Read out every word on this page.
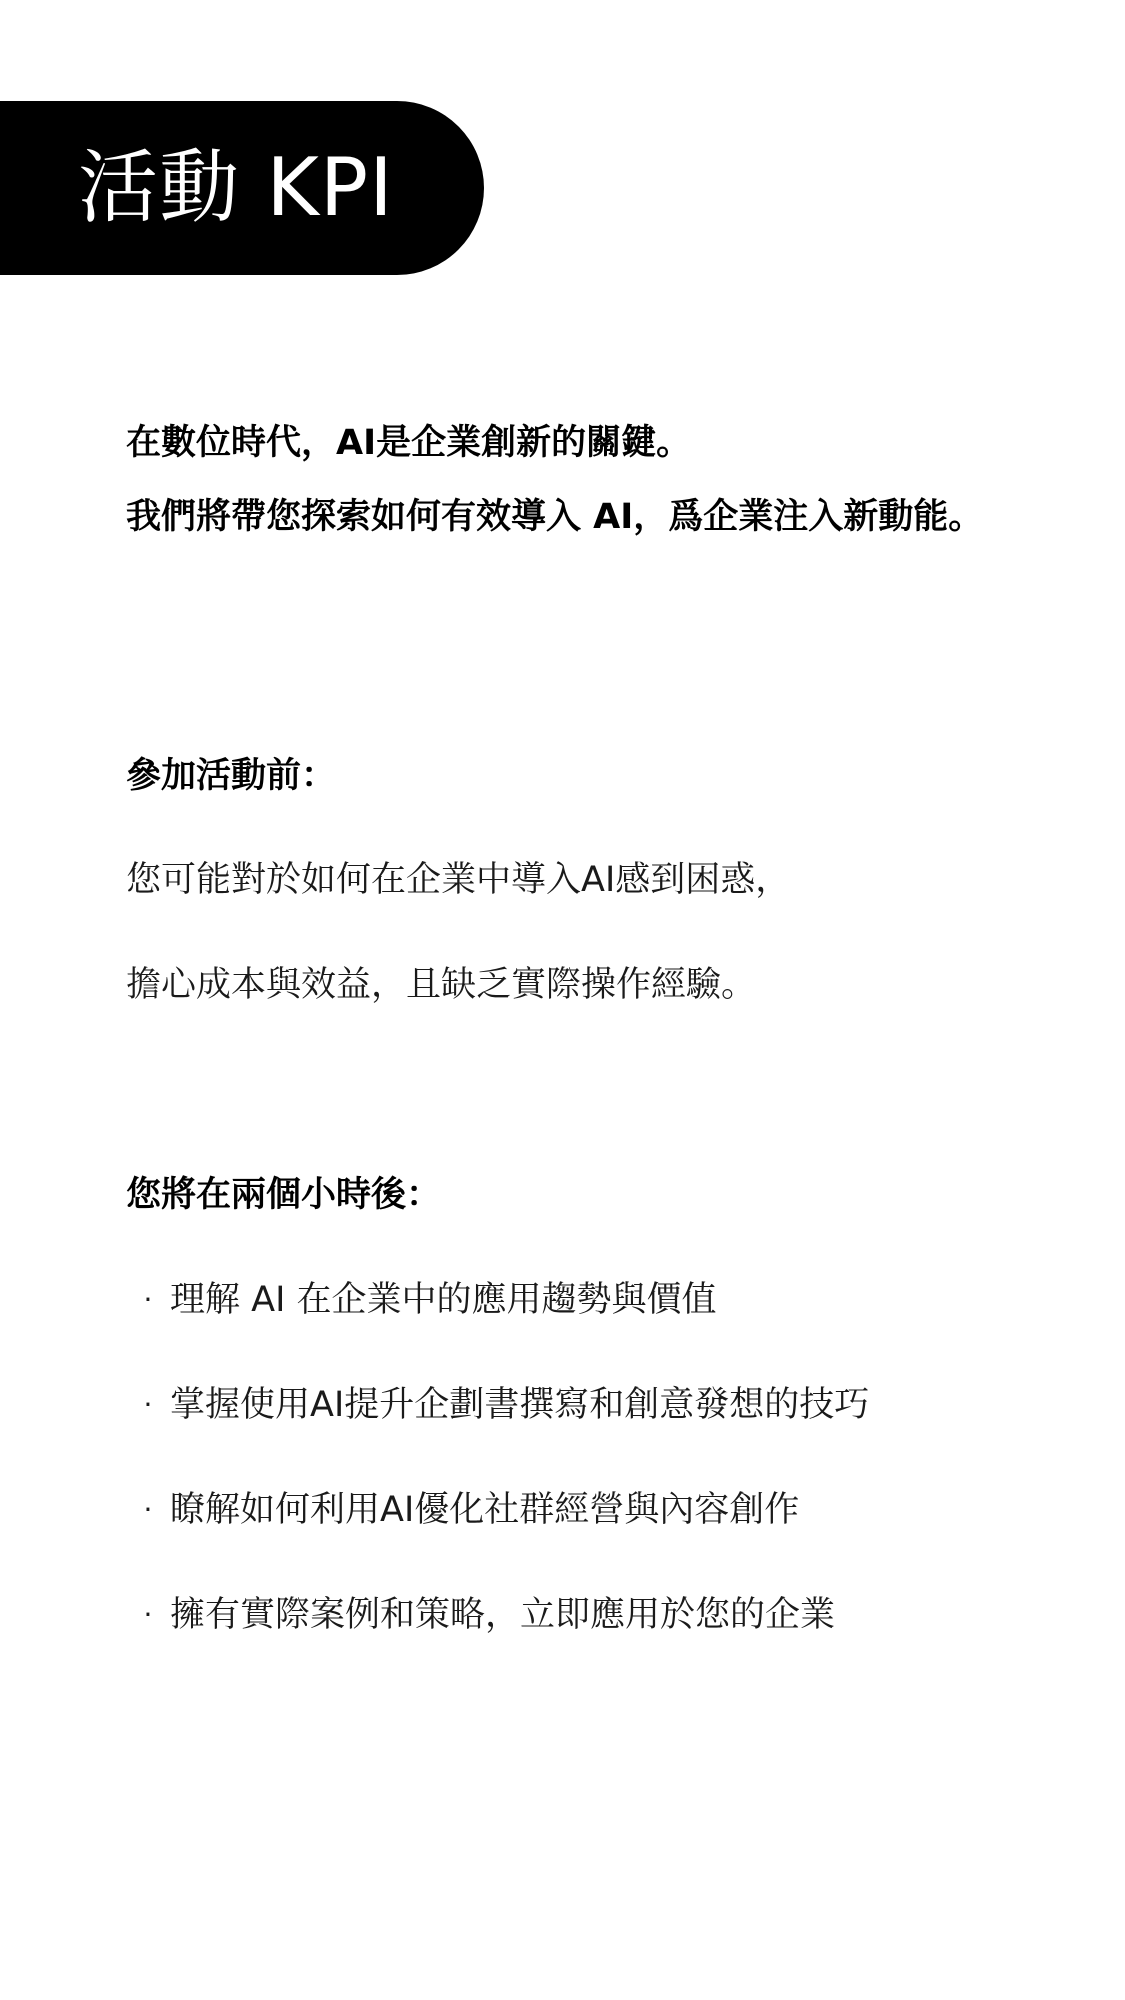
活動 KPI
在數位時代，AI是企業創新的關鍵。
我們將帶您探索如何有效導入 AI，爲企業注入新動能。
參加活動前：
您可能對於如何在企業中導入AI感到困惑，
擔心成本與效益，且缺乏實際操作經驗。
您將在兩個小時後：
· 理解 AI 在企業中的應用趨勢與價值
· 掌握使用AI提升企劃書撰寫和創意發想的技巧
· 瞭解如何利用AI優化社群經營與內容創作
· 擁有實際案例和策略，立即應用於您的企業
